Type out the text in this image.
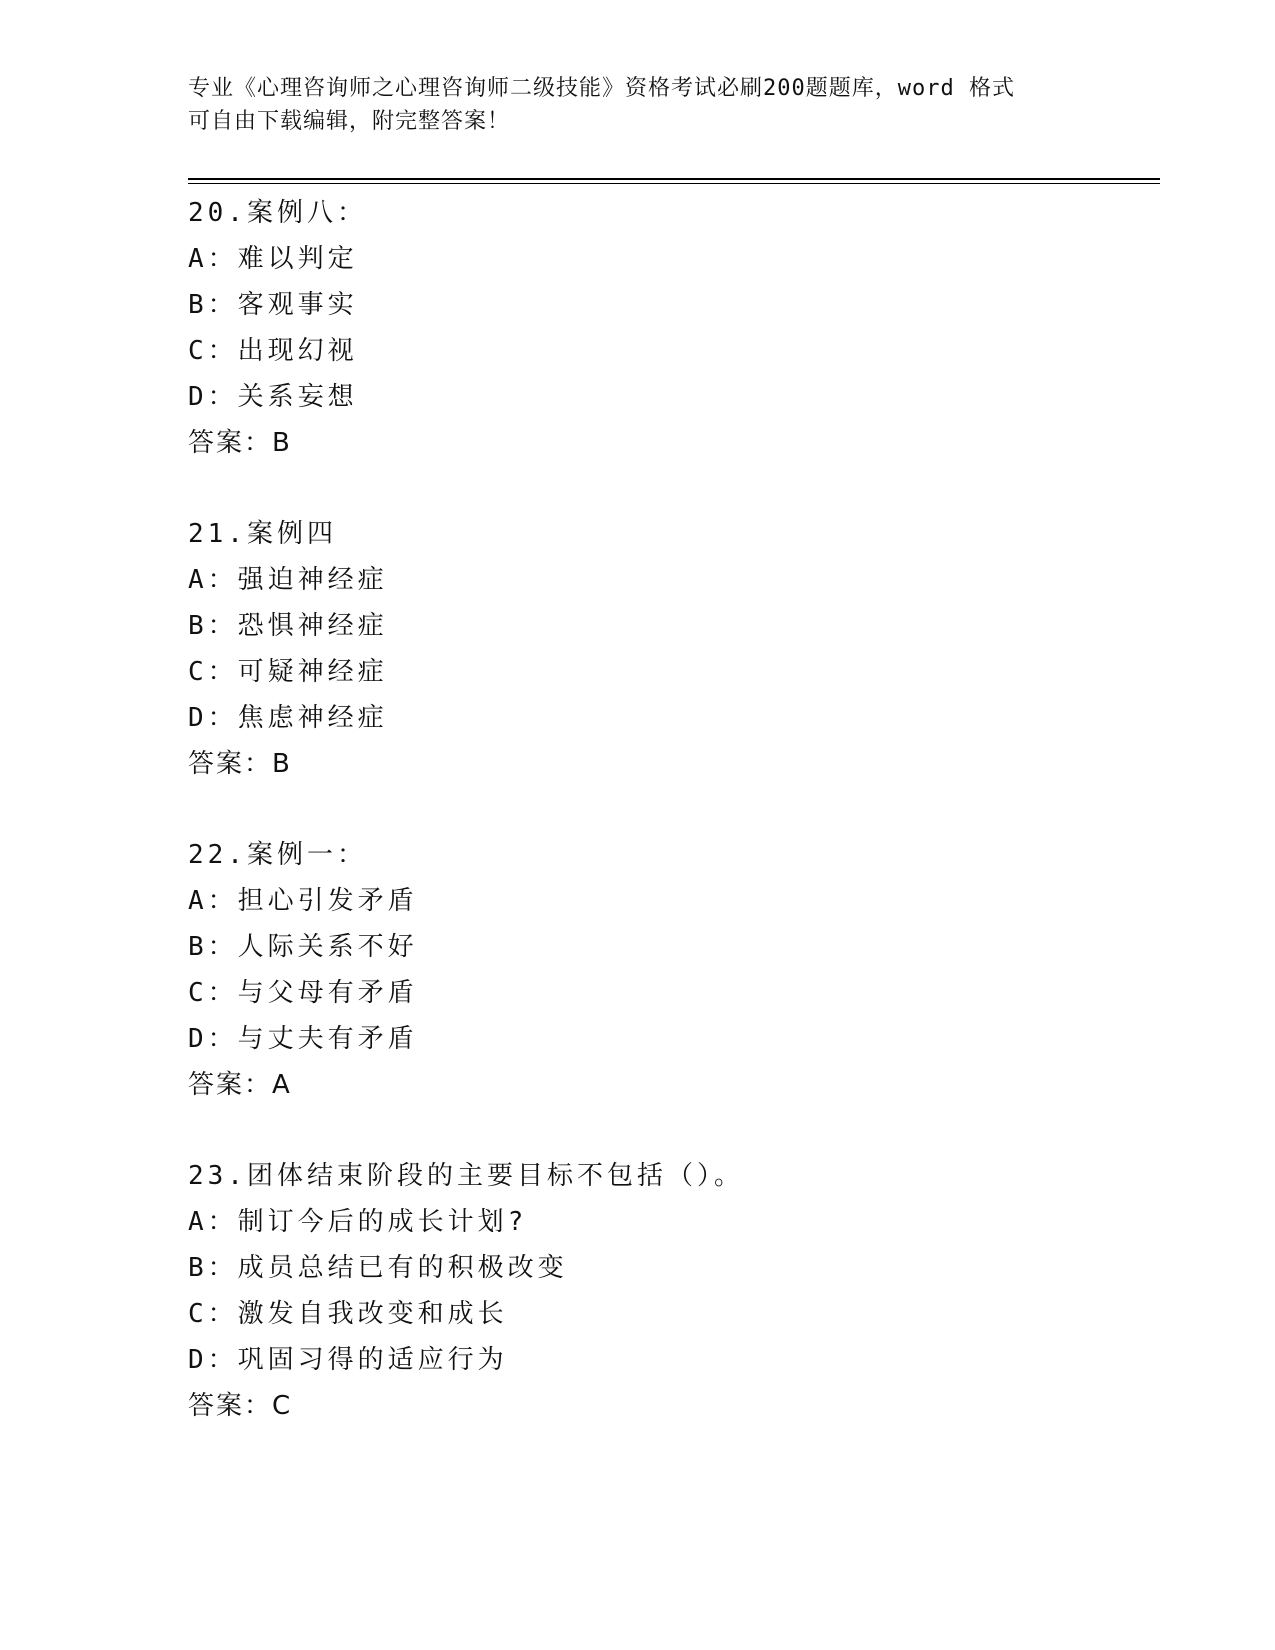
专业《心理咨询师之心理咨询师二级技能》资格考试必刷200题题库，word 格式
可自由下载编辑，附完整答案！
20.案例八：
A：难以判定
B：客观事实
C：出现幻视
D：关系妄想
答案：B
21.案例四
A：强迫神经症
B：恐惧神经症
C：可疑神经症
D：焦虑神经症
答案：B
22.案例一：
A：担心引发矛盾
B：人际关系不好
C：与父母有矛盾
D：与丈夫有矛盾
答案：A
23.团体结束阶段的主要目标不包括（）。
A：制订今后的成长计划?
B：成员总结已有的积极改变
C：激发自我改变和成长
D：巩固习得的适应行为
答案：C
